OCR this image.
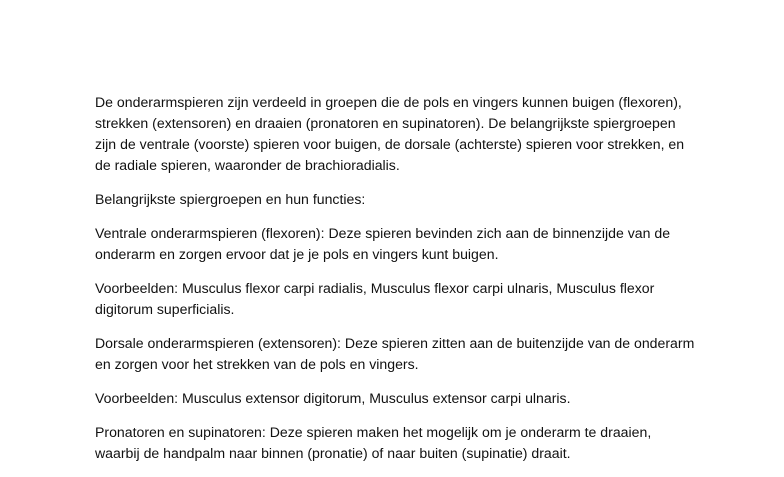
De onderarmspieren zijn verdeeld in groepen die de pols en vingers kunnen buigen (flexoren), strekken (extensoren) en draaien (pronatoren en supinatoren). De belangrijkste spiergroepen zijn de ventrale (voorste) spieren voor buigen, de dorsale (achterste) spieren voor strekken, en de radiale spieren, waaronder de brachioradialis.

Belangrijkste spiergroepen en hun functies:

Ventrale onderarmspieren (flexoren): Deze spieren bevinden zich aan de binnenzijde van de onderarm en zorgen ervoor dat je je pols en vingers kunt buigen.

Voorbeelden: Musculus flexor carpi radialis, Musculus flexor carpi ulnaris, Musculus flexor digitorum superficialis.

Dorsale onderarmspieren (extensoren): Deze spieren zitten aan de buitenzijde van de onderarm en zorgen voor het strekken van de pols en vingers.

Voorbeelden: Musculus extensor digitorum, Musculus extensor carpi ulnaris.

Pronatoren en supinatoren: Deze spieren maken het mogelijk om je onderarm te draaien, waarbij de handpalm naar binnen (pronatie) of naar buiten (supinatie) draait.
